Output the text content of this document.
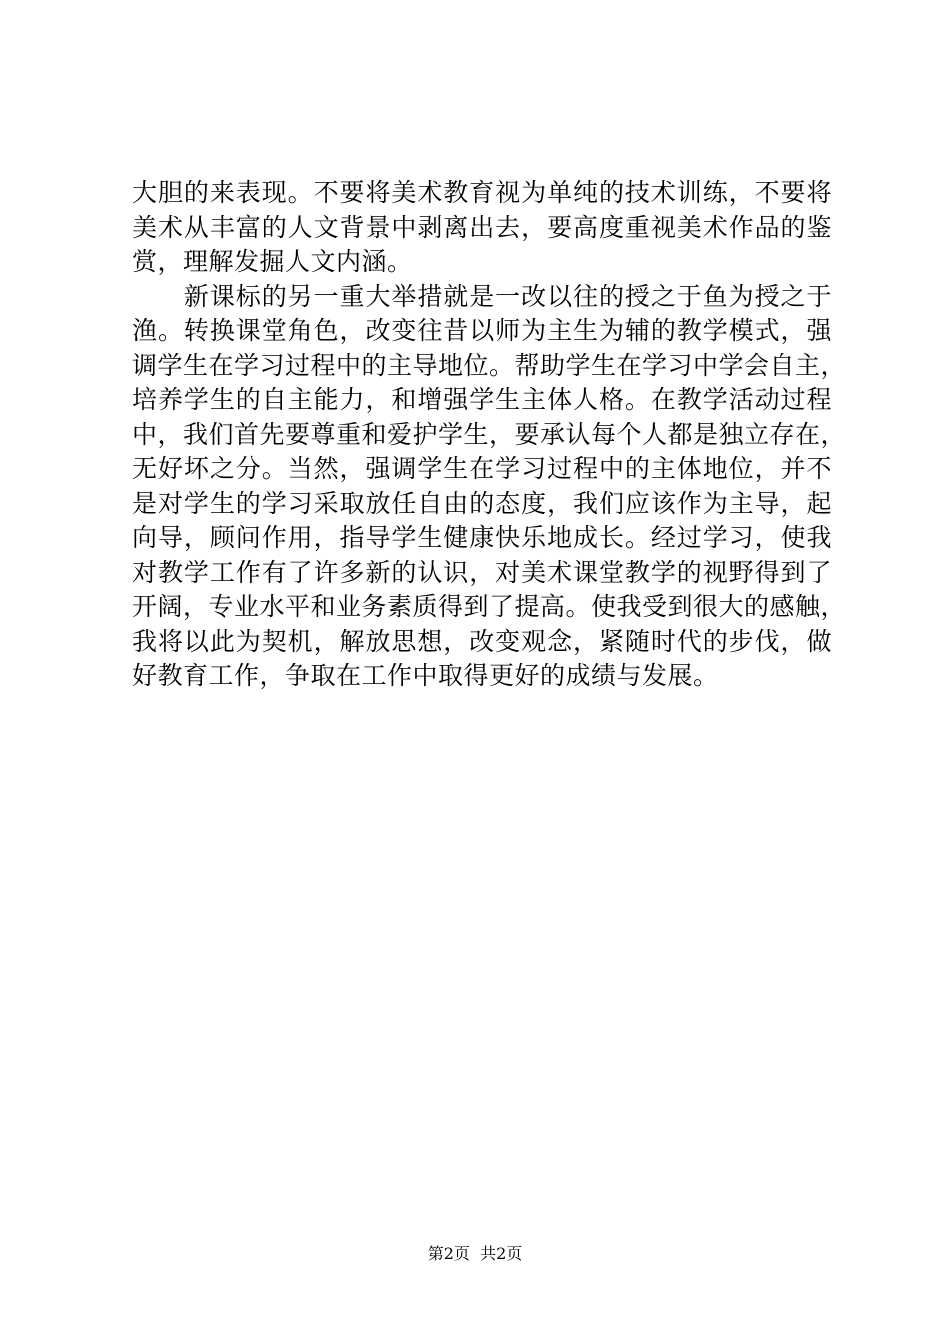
大胆的来表现。不要将美术教育视为单纯的技术训练，不要将
美术从丰富的人文背景中剥离出去，要高度重视美术作品的鉴
赏，理解发掘人文内涵。
　　新课标的另一重大举措就是一改以往的授之于鱼为授之于
渔。转换课堂角色，改变往昔以师为主生为辅的教学模式，强
调学生在学习过程中的主导地位。帮助学生在学习中学会自主，
培养学生的自主能力，和增强学生主体人格。在教学活动过程
中，我们首先要尊重和爱护学生，要承认每个人都是独立存在，
无好坏之分。当然，强调学生在学习过程中的主体地位，并不
是对学生的学习采取放任自由的态度，我们应该作为主导，起
向导，顾问作用，指导学生健康快乐地成长。经过学习，使我
对教学工作有了许多新的认识，对美术课堂教学的视野得到了
开阔，专业水平和业务素质得到了提高。使我受到很大的感触，
我将以此为契机，解放思想，改变观念，紧随时代的步伐，做
好教育工作，争取在工作中取得更好的成绩与发展。
第2页  共2页
